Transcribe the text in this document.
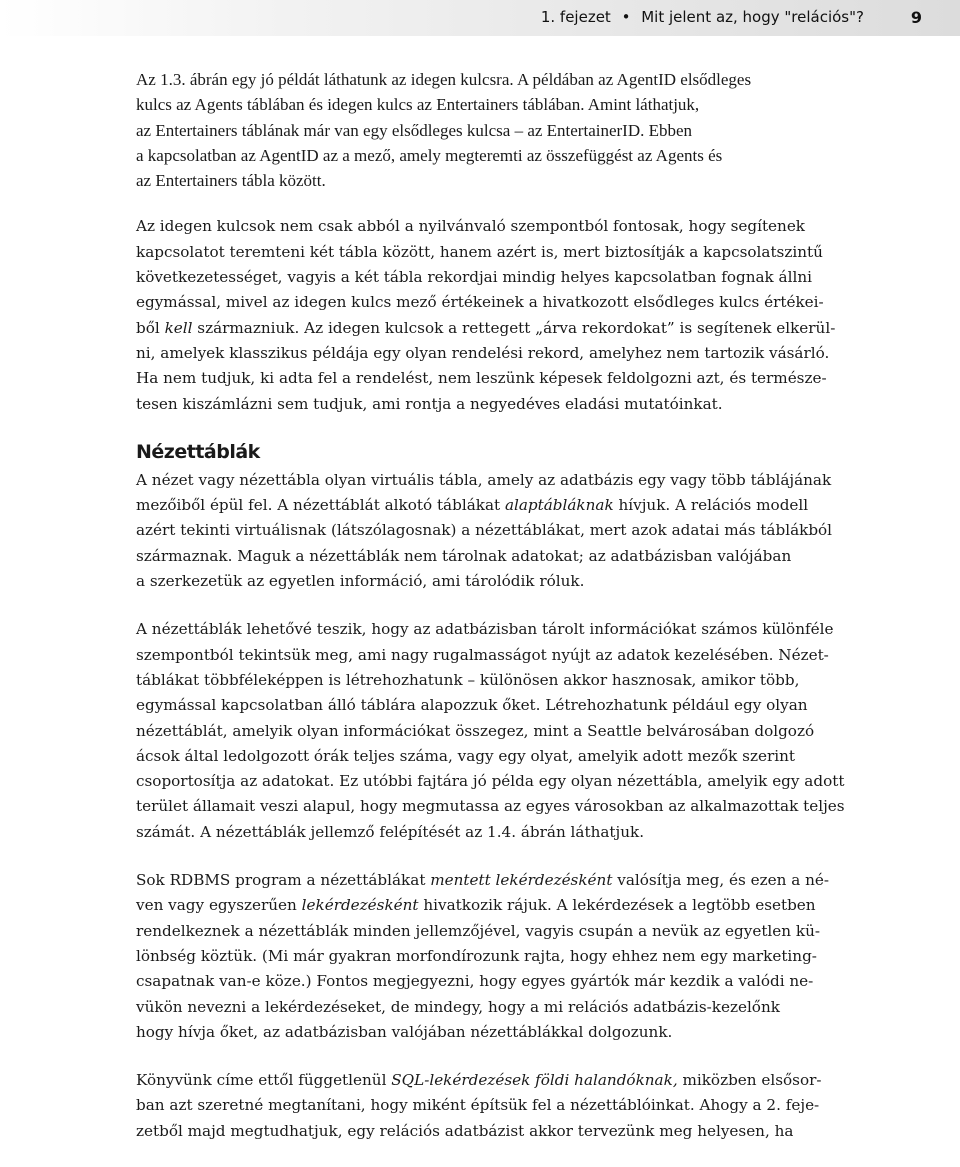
1. fejezet • Mit jelent az, hogy "relációs"?	9
Az 1.3. ábrán egy jó példát láthatunk az idegen kulcsra. A példában az AgentID elsődleges
kulcs az Agents táblában és idegen kulcs az Entertainers táblában. Amint láthatjuk,
az Entertainers táblának már van egy elsődleges kulcsa – az EntertainerID. Ebben
a kapcsolatban az AgentID az a mező, amely megteremti az összefüggést az Agents és
az Entertainers tábla között.
Az idegen kulcsok nem csak abból a nyilvánvaló szempontból fontosak, hogy segítenek
kapcsolatot teremteni két tábla között, hanem azért is, mert biztosítják a kapcsolatszintű
következetességet, vagyis a két tábla rekordjai mindig helyes kapcsolatban fognak állni
egymással, mivel az idegen kulcs mező értékeinek a hivatkozott elsődleges kulcs értékei-
ből kell származniuk. Az idegen kulcsok a rettegett „árva rekordokat” is segítenek elkerül-
ni, amelyek klasszikus példája egy olyan rendelési rekord, amelyhez nem tartozik vásárló.
Ha nem tudjuk, ki adta fel a rendelést, nem leszünk képesek feldolgozni azt, és természe-
tesen kiszámlázni sem tudjuk, ami rontja a negyedéves eladási mutatóinkat.
Nézettáblák
A nézet vagy nézettábla olyan virtuális tábla, amely az adatbázis egy vagy több táblájának
mezőiből épül fel. A nézettáblát alkotó táblákat alaptábláknak hívjuk. A relációs modell
azért tekinti virtuálisnak (látszólagosnak) a nézettáblákat, mert azok adatai más táblákból
származnak. Maguk a nézettáblák nem tárolnak adatokat; az adatbázisban valójában
a szerkezetük az egyetlen információ, ami tárolódik róluk.
A nézettáblák lehetővé teszik, hogy az adatbázisban tárolt információkat számos különféle
szempontból tekintsük meg, ami nagy rugalmasságot nyújt az adatok kezelésében. Nézet-
táblákat többféleképpen is létrehozhatunk – különösen akkor hasznosak, amikor több,
egymással kapcsolatban álló táblára alapozzuk őket. Létrehozhatunk például egy olyan
nézettáblát, amelyik olyan információkat összegez, mint a Seattle belvárosában dolgozó
ácsok által ledolgozott órák teljes száma, vagy egy olyat, amelyik adott mezők szerint
csoportosítja az adatokat. Ez utóbbi fajtára jó példa egy olyan nézettábla, amelyik egy adott
terület államait veszi alapul, hogy megmutassa az egyes városokban az alkalmazottak teljes
számát. A nézettáblák jellemző felépítését az 1.4. ábrán láthatjuk.
Sok RDBMS program a nézettáblákat mentett lekérdezésként valósítja meg, és ezen a né-
ven vagy egyszerűen lekérdezésként hivatkozik rájuk. A lekérdezések a legtöbb esetben
rendelkeznek a nézettáblák minden jellemzőjével, vagyis csupán a nevük az egyetlen kü-
lönbség köztük. (Mi már gyakran morfondírozunk rajta, hogy ehhez nem egy marketing-
csapatnak van-e köze.) Fontos megjegyezni, hogy egyes gyártók már kezdik a valódi ne-
vükön nevezni a lekérdezéseket, de mindegy, hogy a mi relációs adatbázis-kezelőnk
hogy hívja őket, az adatbázisban valójában nézettáblákkal dolgozunk.
Könyvünk címe ettől függetlenül SQL-lekérdezések földi halandóknak, miközben elsősor-
ban azt szeretné megtanítani, hogy miként építsük fel a nézettáblóinkat. Ahogy a 2. feje-
zetből majd megtudhatjuk, egy relációs adatbázist akkor tervezünk meg helyesen, ha
